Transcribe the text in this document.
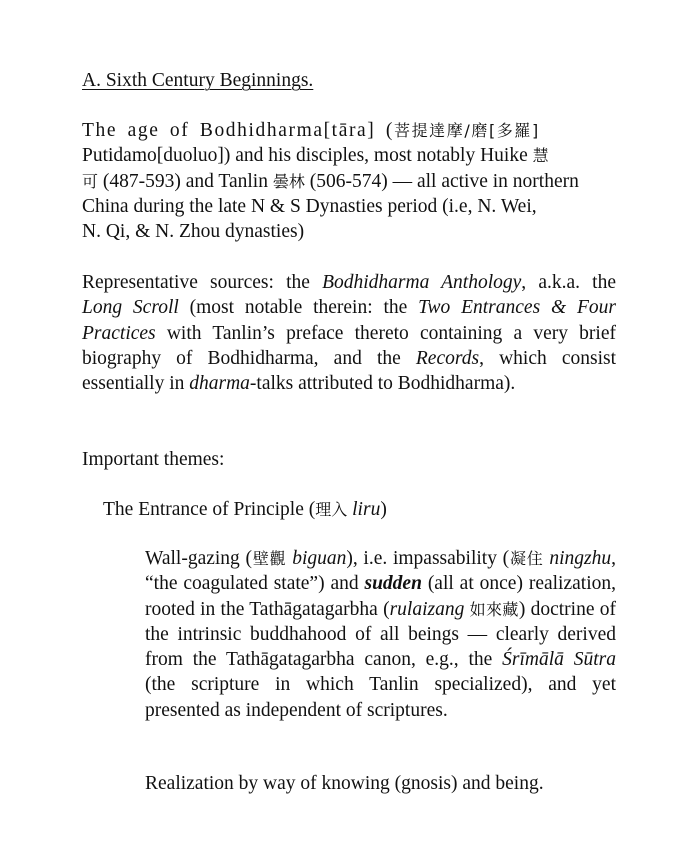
A. Sixth Century Beginnings.

The age of Bodhidharma[tāra] (菩提達摩/磨[多羅]
Putidamo[duoluo]) and his disciples, most notably Huike 慧
可 (487-593) and Tanlin 曇林 (506-574) — all active in northern
China during the late N & S Dynasties period (i.e, N. Wei,
N. Qi, & N. Zhou dynasties)

Representative sources: the Bodhidharma Anthology, a.k.a. the Long Scroll (most notable therein: the Two Entrances & Four Practices with Tanlin’s preface thereto containing a very brief biography of Bodhidharma, and the Records, which consist essentially in dharma-talks attributed to Bodhidharma).

Important themes:

The Entrance of Principle (理入 liru)

Wall-gazing (壁觀 biguan), i.e. impassability (凝住 ningzhu, “the coagulated state”) and sudden (all at once) realization, rooted in the Tathāgatagarbha (rulaizang 如來藏) doctrine of the intrinsic buddhahood of all beings — clearly derived from the Tathāgatagarbha canon, e.g., the Śrīmālā Sūtra (the scripture in which Tanlin specialized), and yet presented as independent of scriptures.

Realization by way of knowing (gnosis) and being.
